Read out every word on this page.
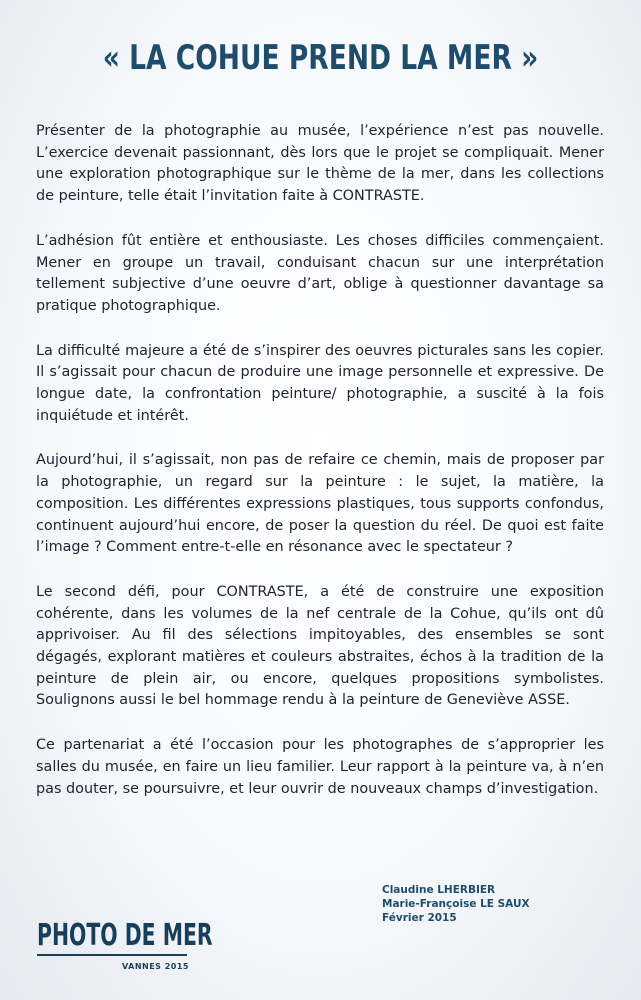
« LA COHUE PREND LA MER »

Présenter de la photographie au musée, l’expérience n’est pas nouvelle. L’exercice devenait passionnant, dès lors que le projet se compliquait. Mener une exploration photographique sur le thème de la mer, dans les collections de peinture, telle était l’invitation faite à CONTRASTE.

L’adhésion fût entière et enthousiaste. Les choses difficiles commençaient. Mener en groupe un travail, conduisant chacun sur une interprétation tellement subjective d’une oeuvre d’art, oblige à questionner davantage sa pratique photographique.

La difficulté majeure a été de s’inspirer des oeuvres picturales sans les copier. Il s’agissait pour chacun de produire une image personnelle et expressive. De longue date, la confrontation peinture/ photographie, a suscité à la fois inquiétude et intérêt.

Aujourd’hui, il s’agissait, non pas de refaire ce chemin, mais de proposer par la photographie, un regard sur la peinture : le sujet, la matière, la composition. Les différentes expressions plastiques, tous supports confondus, continuent aujourd’hui encore, de poser la question du réel. De quoi est faite l’image ? Comment entre-t-elle en résonance avec le spectateur ?

Le second défi, pour CONTRASTE, a été de construire une exposition cohérente, dans les volumes de la nef centrale de la Cohue, qu’ils ont dû apprivoiser. Au fil des sélections impitoyables, des ensembles se sont dégagés, explorant matières et couleurs abstraites, échos à la tradition de la peinture de plein air, ou encore, quelques propositions symbolistes. Soulignons aussi le bel hommage rendu à la peinture de Geneviève ASSE.

Ce partenariat a été l’occasion pour les photographes de s’approprier les salles du musée, en faire un lieu familier. Leur rapport à la peinture va, à n’en pas douter, se poursuivre, et leur ouvrir de nouveaux champs d’investigation.

Claudine LHERBIER
Marie-Françoise LE SAUX
Février 2015
PHOTO DE MER
VANNES 2015
